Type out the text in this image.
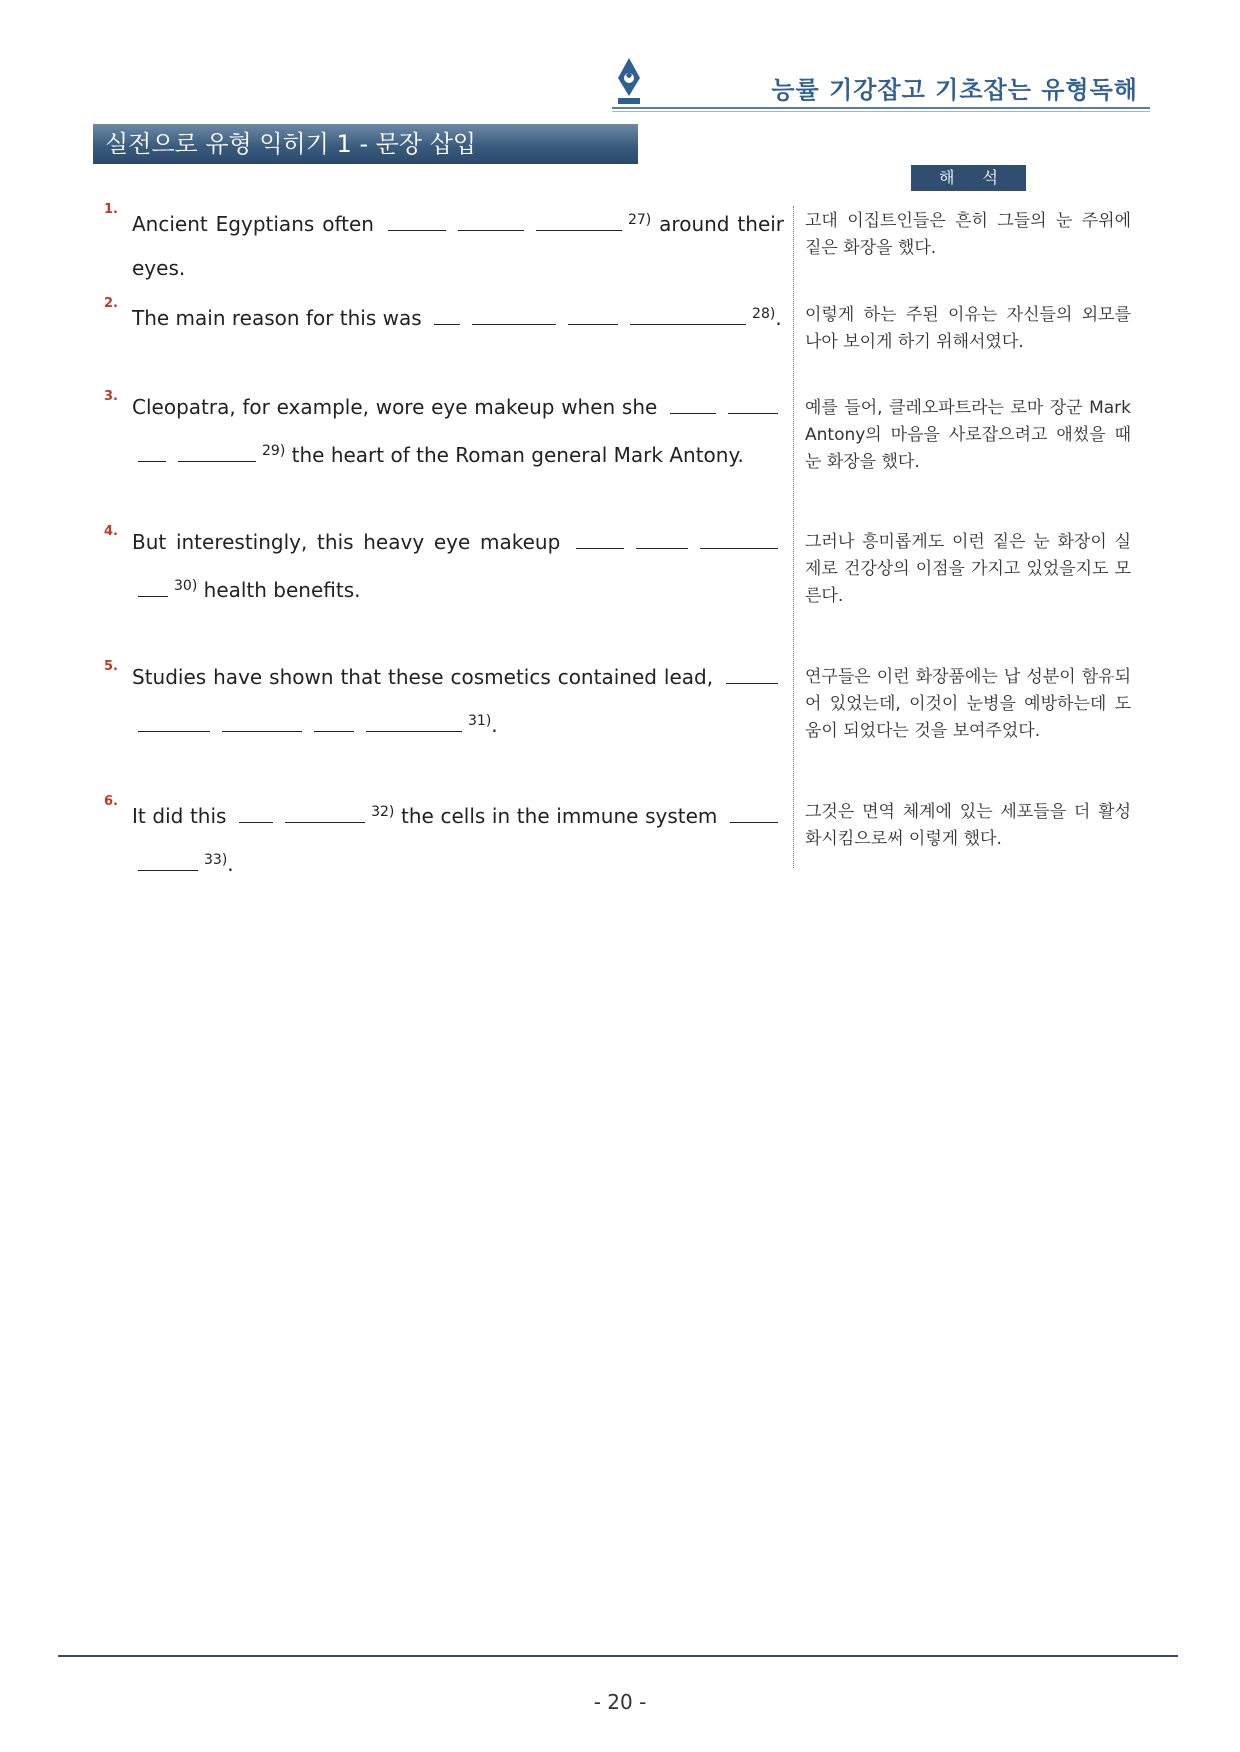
능률 기강잡고 기초잡는 유형독해
실전으로 유형 익히기 1 - 문장 삽입
해석
1.
Ancient Egyptians often	$^{27)}$ around their eyes.
고대 이집트인들은 흔히 그들의 눈 주위에 짙은 화장을 했다.
2.
The main reason for this was	$^{28)}$. 이렇게 하는 주된 이유는 자신들의 외모를 나아 보이게 하기 위해서였다.
3. Cleopatra, for example, wore eye makeup when she $^{29)}$ the heart of the Roman general Mark Antony.
예를 들어, 클레오파트라는 로마 장군 Mark Antony의 마음을 사로잡으려고 애썼을 때 눈 화장을 했다.
4. But interestingly, this heavy eye makeup $^{30)}$ health benefits.
그러나 흥미롭게도 이런 짙은 눈 화장이 실제로 건강상의 이점을 가지고 있었을지도 모른다.
5. Studies have shown that these cosmetics contained lead, $^{31)}$.
연구들은 이런 화장품에는 납 성분이 함유되어 있었는데, 이것이 눈병을 예방하는데 도움이 되었다는 것을 보여주었다.
6.
It did this	$^{32)}$ the cells in the immune system $^{33)}$.
그것은 면역 체계에 있는 세포들을 더 활성화시킴으로써 이렇게 했다.
- 20 -
